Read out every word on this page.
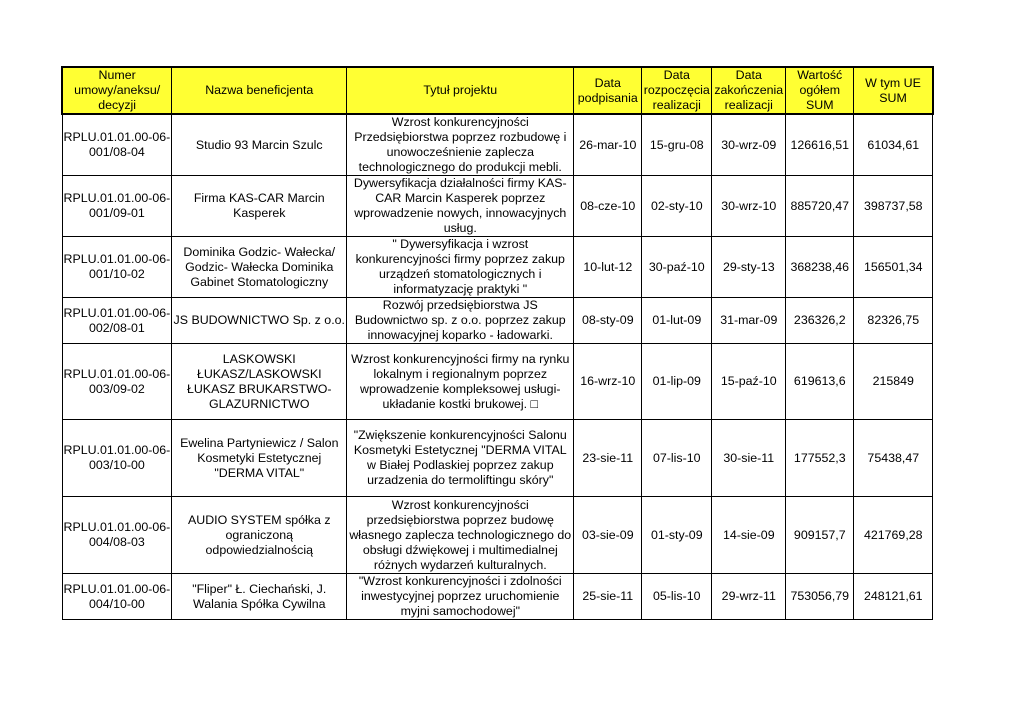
Numer umowy/aneksu/ decyzji	Nazwa beneficjenta	Tytuł projektu	Data podpisania	Data rozpoczęcia realizacji	Data zakończenia realizacji	Wartość ogółem SUM	W tym UE SUM

RPLU.01.01.00-06-
001/08-04	Studio 93 Marcin Szulc	Wzrost konkurencyjności Przedsiębiorstwa poprzez rozbudowę i unowocześnienie zaplecza technologicznego do produkcji mebli.	26-mar-10	15-gru-08	30-wrz-09	126616,51	61034,61

RPLU.01.01.00-06-
001/09-01	Firma KAS-CAR Marcin Kasperek	Dywersyfikacja działalności firmy KAS-CAR Marcin Kasperek poprzez wprowadzenie nowych, innowacyjnych usług.	08-cze-10	02-sty-10	30-wrz-10	885720,47	398737,58

RPLU.01.01.00-06-
001/10-02	Dominika Godzic- Wałecka/ Godzic- Wałecka Dominika Gabinet Stomatologiczny	" Dywersyfikacja i wzrost konkurencyjności firmy poprzez zakup urządzeń stomatologicznych i informatyzację praktyki "	10-lut-12	30-paź-10	29-sty-13	368238,46	156501,34

RPLU.01.01.00-06-
002/08-01	JS BUDOWNICTWO Sp. z o.o.	Rozwój przedsiębiorstwa JS Budownictwo sp. z o.o. poprzez zakup innowacyjnej koparko - ładowarki.	08-sty-09	01-lut-09	31-mar-09	236326,2	82326,75

RPLU.01.01.00-06-
003/09-02	LASKOWSKI ŁUKASZ/LASKOWSKI ŁUKASZ BRUKARSTWO-GLAZURNICTWO	Wzrost konkurencyjności firmy na rynku lokalnym i regionalnym poprzez wprowadzenie kompleksowej usługi-układanie kostki brukowej. □	16-wrz-10	01-lip-09	15-paź-10	619613,6	215849

RPLU.01.01.00-06-
003/10-00	Ewelina Partyniewicz / Salon Kosmetyki Estetycznej "DERMA VITAL"	"Zwiększenie konkurencyjności Salonu Kosmetyki Estetycznej "DERMA VITAL w Białej Podlaskiej poprzez zakup urzadzenia do termoliftingu skóry"	23-sie-11	07-lis-10	30-sie-11	177552,3	75438,47

RPLU.01.01.00-06-
004/08-03	AUDIO SYSTEM spółka z ograniczoną odpowiedzialnością	Wzrost konkurencyjności przedsiębiorstwa poprzez budowę własnego zaplecza technologicznego do obsługi dźwiękowej i multimedialnej różnych wydarzeń kulturalnych.	03-sie-09	01-sty-09	14-sie-09	909157,7	421769,28

RPLU.01.01.00-06-
004/10-00	"Fliper" Ł. Ciechański, J. Walania Spółka Cywilna	"Wzrost konkurencyjności i zdolności inwestycyjnej poprzez uruchomienie myjni samochodowej"	25-sie-11	05-lis-10	29-wrz-11	753056,79	248121,61
